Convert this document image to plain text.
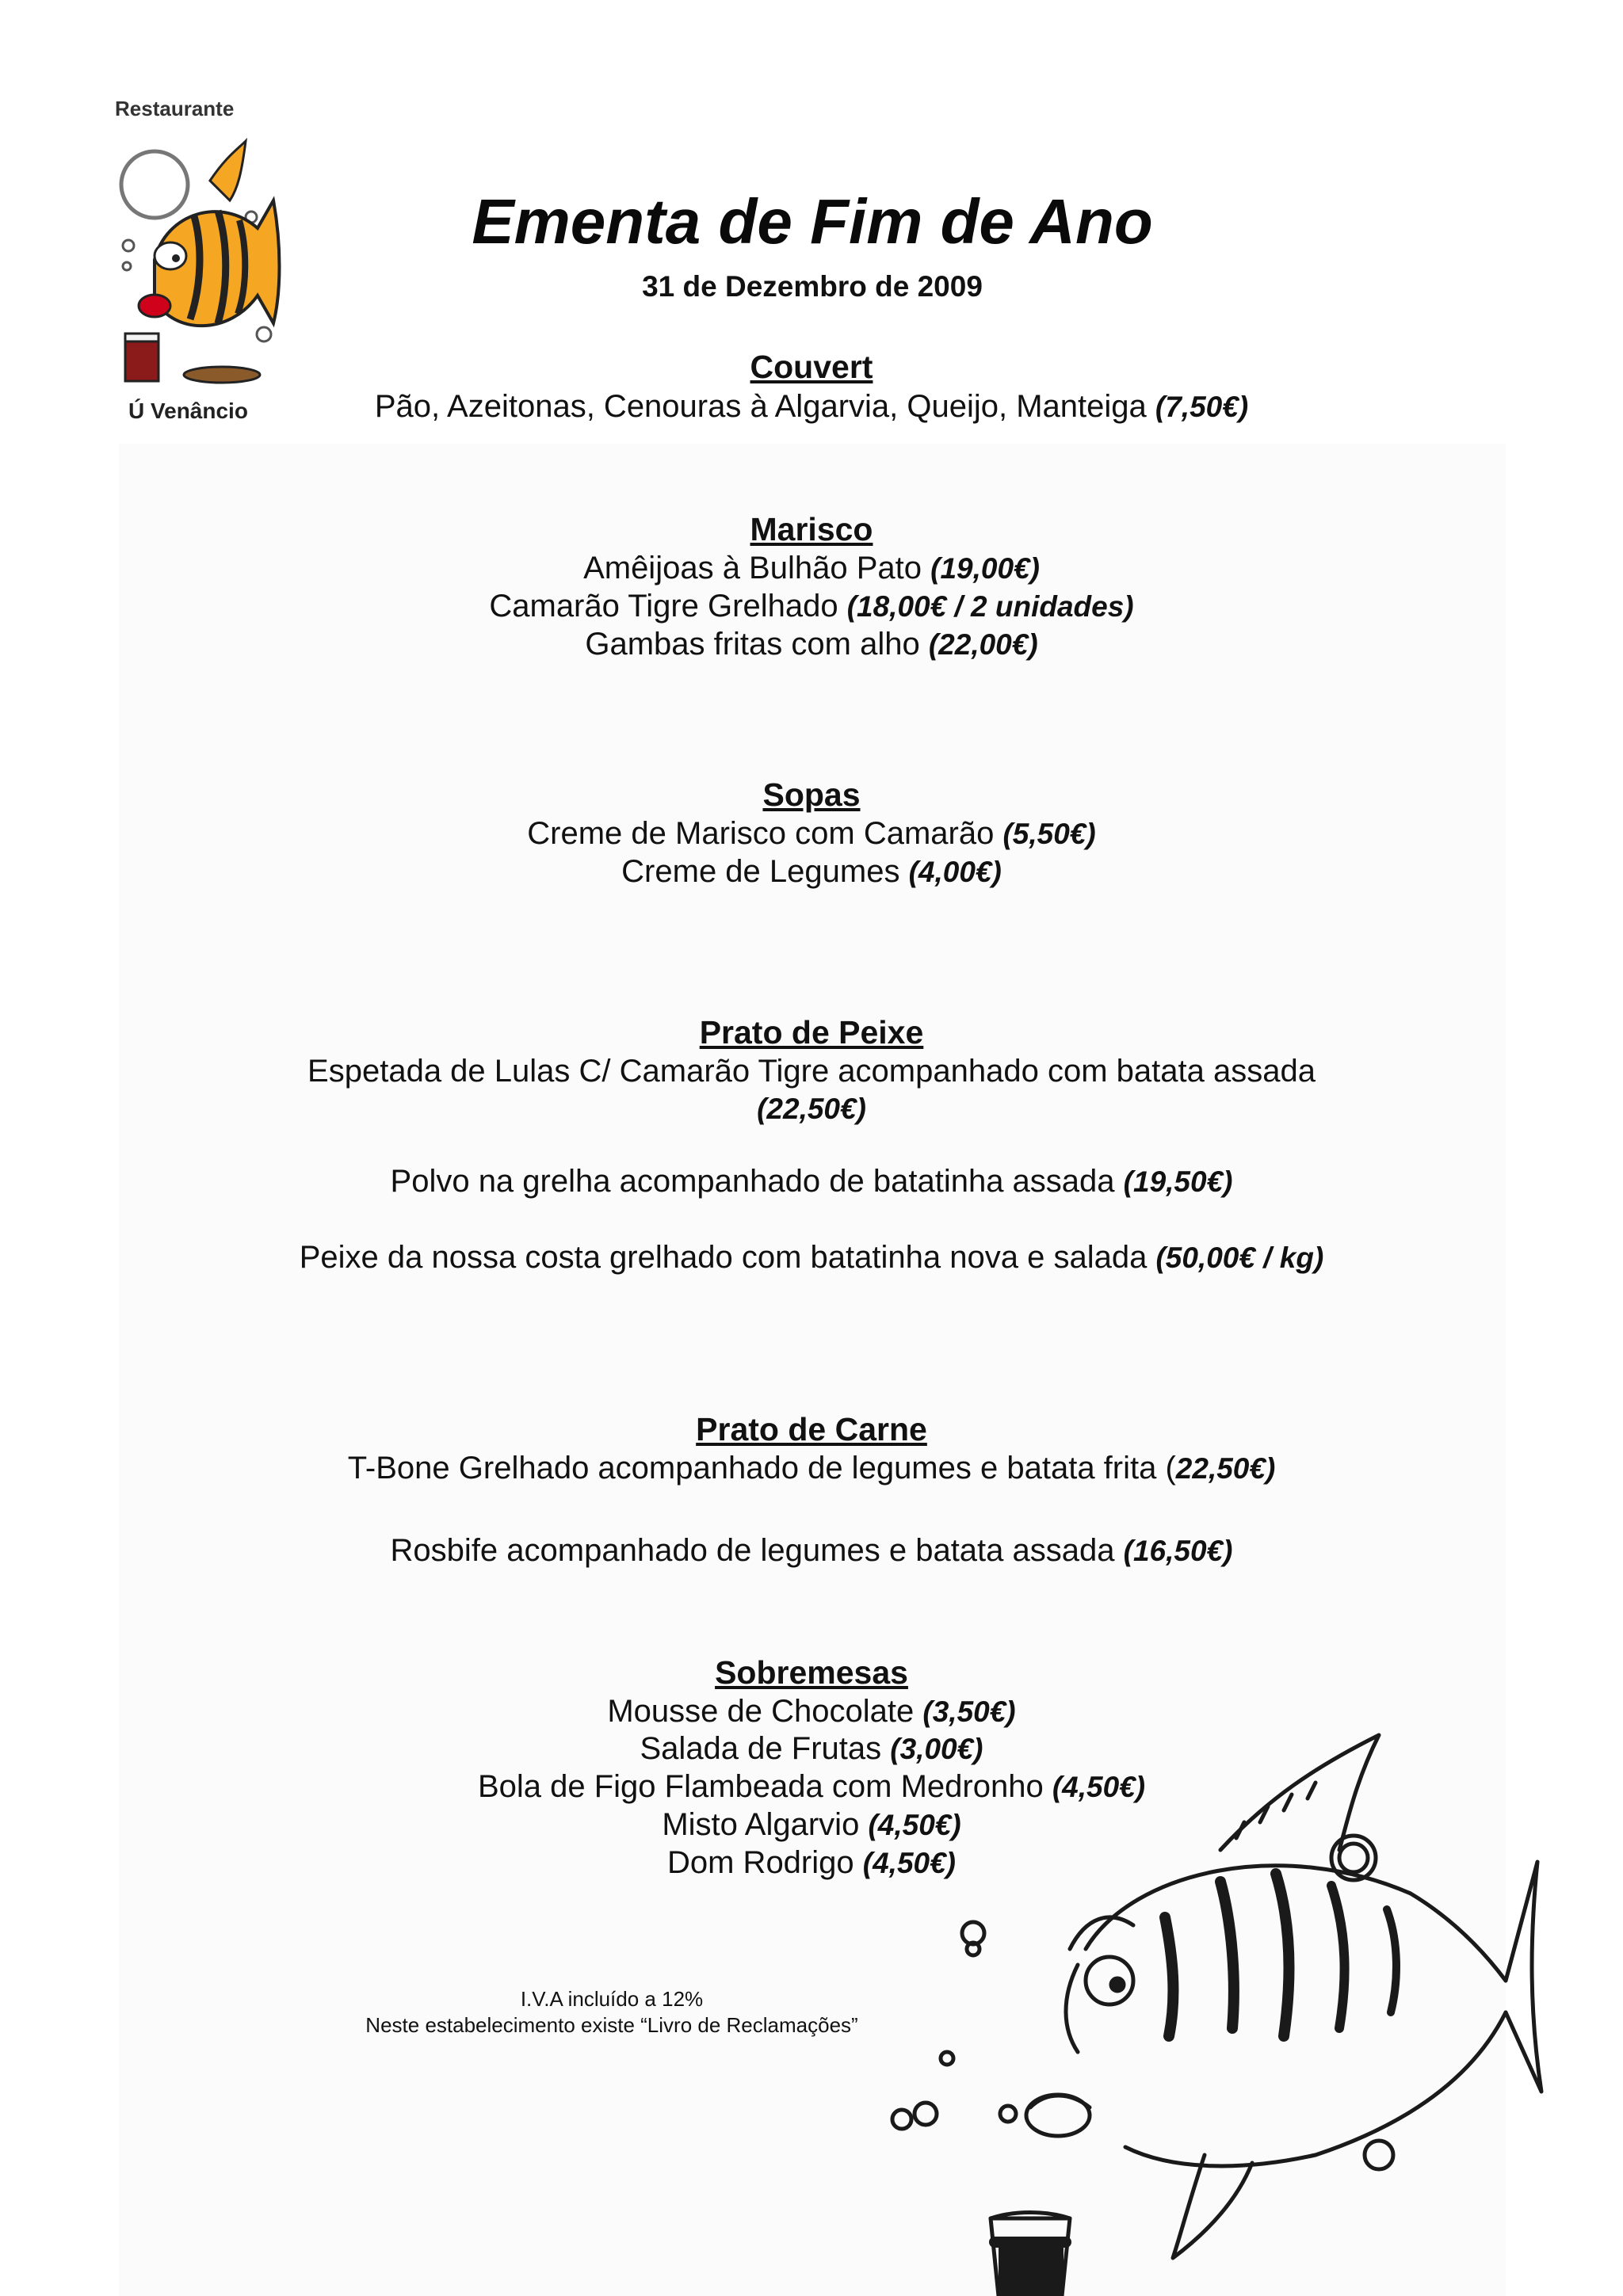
Restaurante
Ú Venâncio
Ementa de Fim de Ano
31 de Dezembro de 2009
Couvert
Pão, Azeitonas, Cenouras à Algarvia, Queijo, Manteiga (7,50€)
Marisco
Amêijoas à Bulhão Pato (19,00€)
Camarão Tigre Grelhado (18,00€ / 2 unidades)
Gambas fritas com alho (22,00€)
Sopas
Creme de Marisco com Camarão (5,50€)
Creme de Legumes (4,00€)
Prato de Peixe
Espetada de Lulas C/ Camarão Tigre acompanhado com batata assada
(22,50€)
Polvo na grelha acompanhado de batatinha assada (19,50€)
Peixe da nossa costa grelhado com batatinha nova e salada (50,00€ / kg)
Prato de Carne
T-Bone Grelhado acompanhado de legumes e batata frita (22,50€)
Rosbife acompanhado de legumes e batata assada (16,50€)
Sobremesas
Mousse de Chocolate (3,50€)
Salada de Frutas (3,00€)
Bola de Figo Flambeada com Medronho (4,50€)
Misto Algarvio (4,50€)
Dom Rodrigo (4,50€)
I.V.A incluído a 12%
Neste estabelecimento existe “Livro de Reclamações”
